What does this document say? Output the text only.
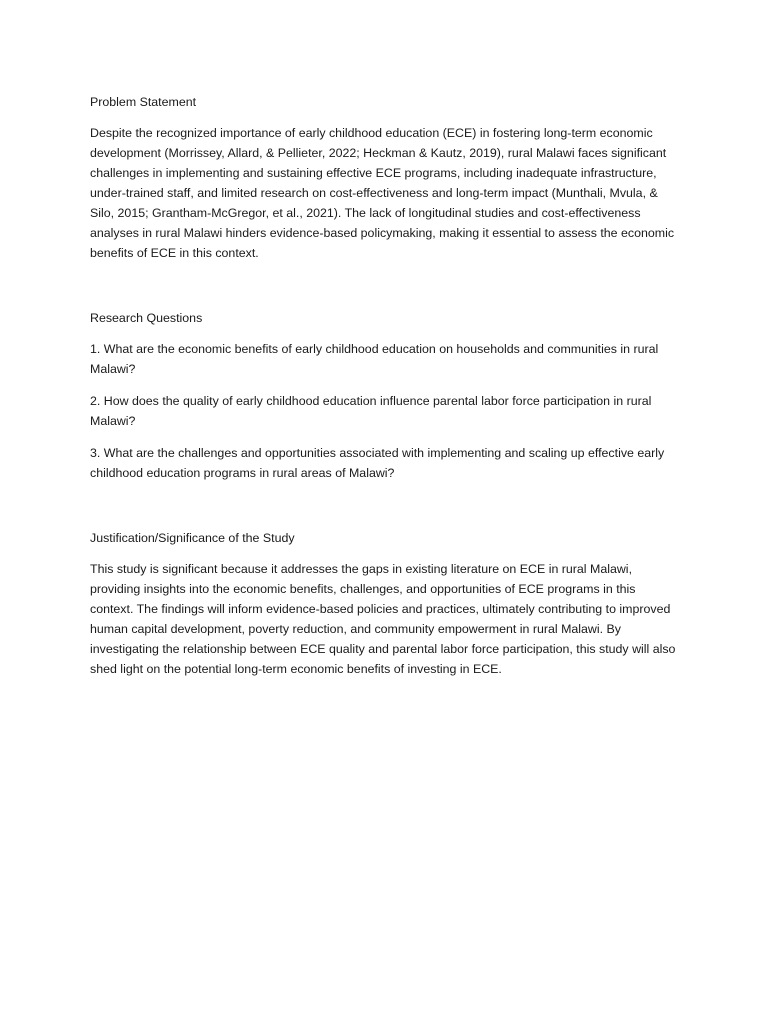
Problem Statement

Despite the recognized importance of early childhood education (ECE) in fostering long-term economic development (Morrissey, Allard, & Pellieter, 2022; Heckman & Kautz, 2019), rural Malawi faces significant challenges in implementing and sustaining effective ECE programs, including inadequate infrastructure, under-trained staff, and limited research on cost-effectiveness and long-term impact (Munthali, Mvula, & Silo, 2015; Grantham-McGregor, et al., 2021). The lack of longitudinal studies and cost-effectiveness analyses in rural Malawi hinders evidence-based policymaking, making it essential to assess the economic benefits of ECE in this context.

Research Questions

1. What are the economic benefits of early childhood education on households and communities in rural Malawi?

2. How does the quality of early childhood education influence parental labor force participation in rural Malawi?

3. What are the challenges and opportunities associated with implementing and scaling up effective early childhood education programs in rural areas of Malawi?

Justification/Significance of the Study

This study is significant because it addresses the gaps in existing literature on ECE in rural Malawi, providing insights into the economic benefits, challenges, and opportunities of ECE programs in this context. The findings will inform evidence-based policies and practices, ultimately contributing to improved human capital development, poverty reduction, and community empowerment in rural Malawi. By investigating the relationship between ECE quality and parental labor force participation, this study will also shed light on the potential long-term economic benefits of investing in ECE.
